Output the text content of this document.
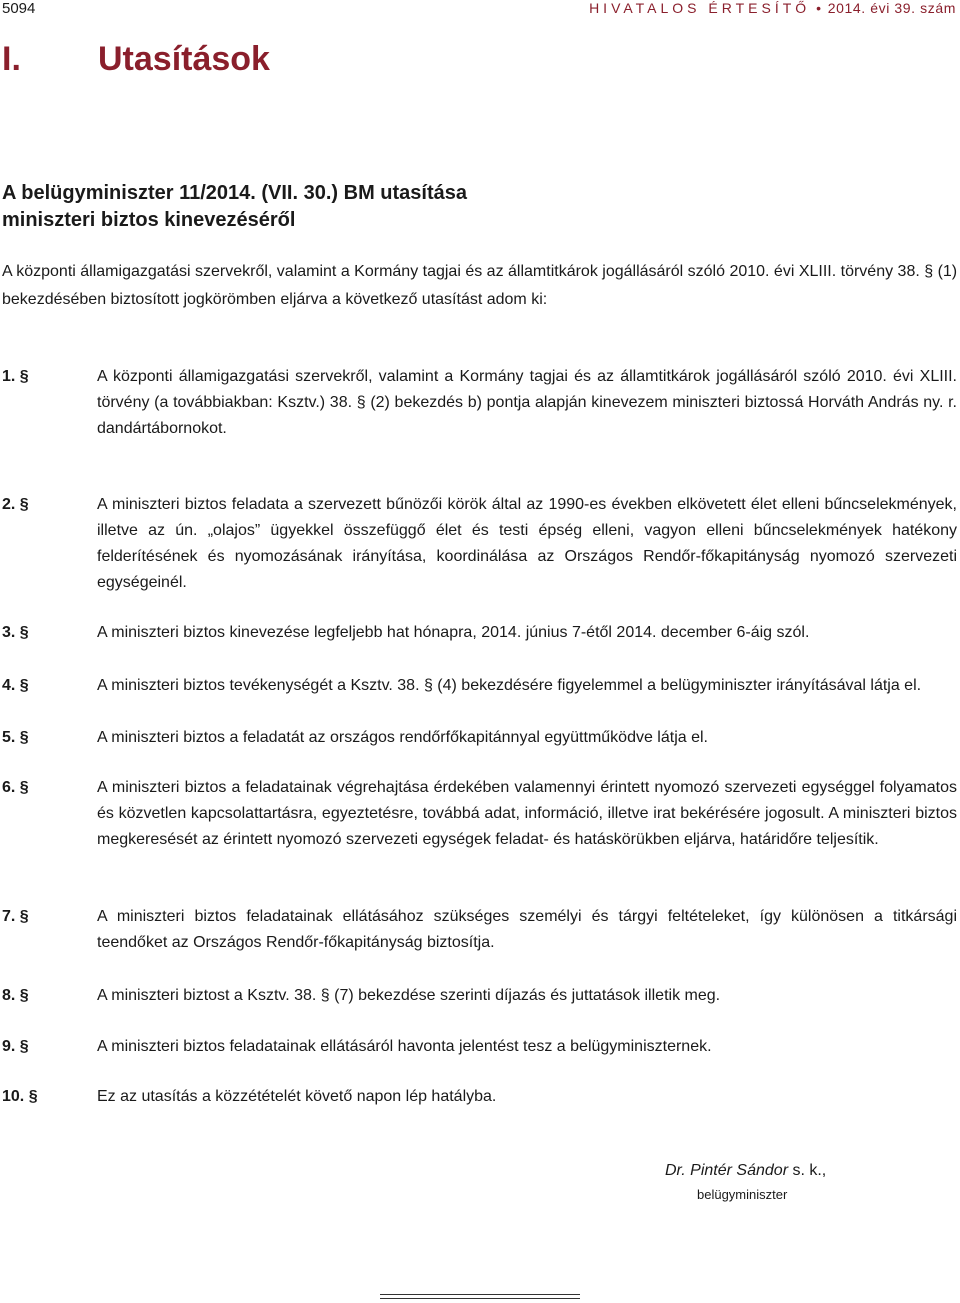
5094	HIVATALOS ÉRTESÍTŐ • 2014. évi 39. szám
I. Utasítások
A belügyminiszter 11/2014. (VII. 30.) BM utasítása
miniszteri biztos kinevezéséről
A központi államigazgatási szervekről, valamint a Kormány tagjai és az államtitkárok jogállásáról szóló 2010. évi XLIII. törvény 38. § (1) bekezdésében biztosított jogkörömben eljárva a következő utasítást adom ki:
1. §	A központi államigazgatási szervekről, valamint a Kormány tagjai és az államtitkárok jogállásáról szóló 2010. évi XLIII. törvény (a továbbiakban: Ksztv.) 38. § (2) bekezdés b) pontja alapján kinevezem miniszteri biztossá Horváth András ny. r. dandártábornokot.
2. §	A miniszteri biztos feladata a szervezett bűnözői körök által az 1990-es években elkövetett élet elleni bűncselekmények, illetve az ún. „olajos” ügyekkel összefüggő élet és testi épség elleni, vagyon elleni bűncselekmények hatékony felderítésének és nyomozásának irányítása, koordinálása az Országos Rendőr-főkapitányság nyomozó szervezeti egységeinél.
3. §	A miniszteri biztos kinevezése legfeljebb hat hónapra, 2014. június 7-étől 2014. december 6-áig szól.
4. §	A miniszteri biztos tevékenységét a Ksztv. 38. § (4) bekezdésére figyelemmel a belügyminiszter irányításával látja el.
5. §	A miniszteri biztos a feladatát az országos rendőrfőkapitánnyal együttműködve látja el.
6. §	A miniszteri biztos a feladatainak végrehajtása érdekében valamennyi érintett nyomozó szervezeti egységgel folyamatos és közvetlen kapcsolattartásra, egyeztetésre, továbbá adat, információ, illetve irat bekérésére jogosult. A miniszteri biztos megkeresését az érintett nyomozó szervezeti egységek feladat- és hatáskörükben eljárva, határidőre teljesítik.
7. §	A miniszteri biztos feladatainak ellátásához szükséges személyi és tárgyi feltételeket, így különösen a titkársági teendőket az Országos Rendőr-főkapitányság biztosítja.
8. §	A miniszteri biztost a Ksztv. 38. § (7) bekezdése szerinti díjazás és juttatások illetik meg.
9. §	A miniszteri biztos feladatainak ellátásáról havonta jelentést tesz a belügyminiszternek.
10. §	Ez az utasítás a közzétételét követő napon lép hatályba.
Dr. Pintér Sándor s. k.,
belügyminiszter
